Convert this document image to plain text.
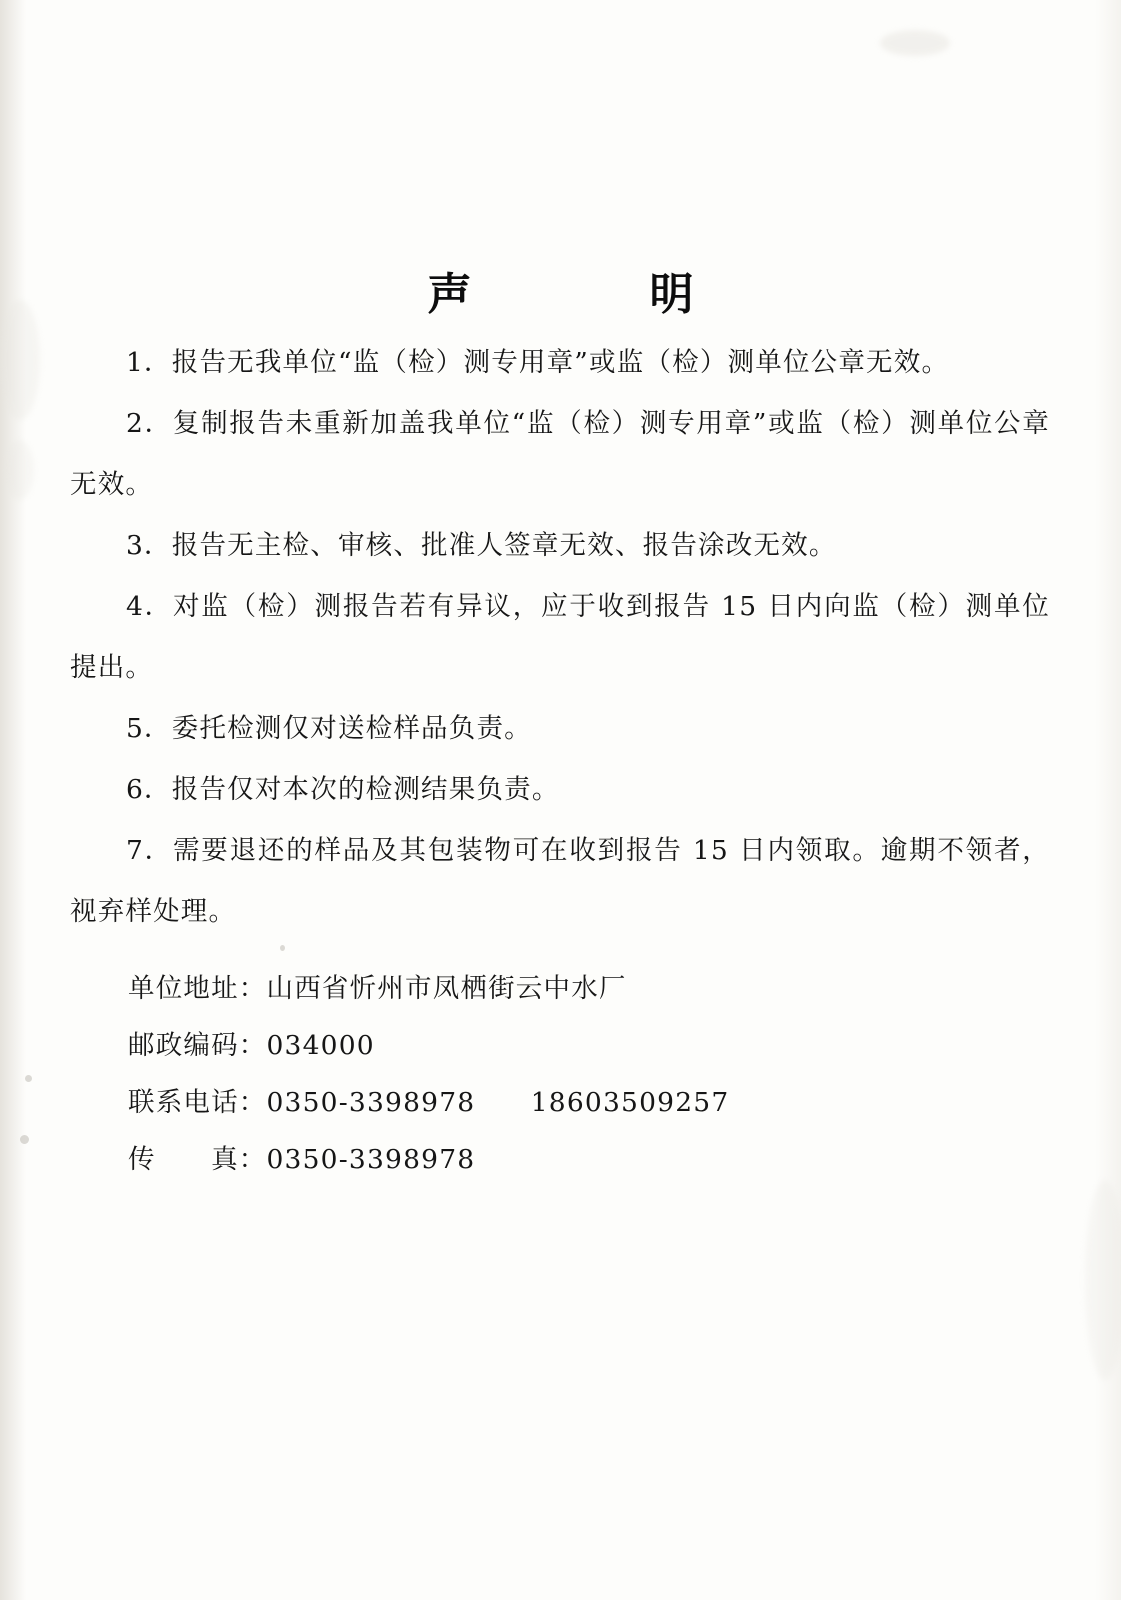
声　　明
1．报告无我单位“监（检）测专用章”或监（检）测单位公章无效。
2．复制报告未重新加盖我单位“监（检）测专用章”或监（检）测单位公章无效。
3．报告无主检、审核、批准人签章无效、报告涂改无效。
4．对监（检）测报告若有异议，应于收到报告 15 日内向监（检）测单位提出。
5．委托检测仅对送检样品负责。
6．报告仅对本次的检测结果负责。
7．需要退还的样品及其包装物可在收到报告 15 日内领取。逾期不领者，视弃样处理。
单位地址：山西省忻州市凤栖街云中水厂
邮政编码：034000
联系电话：0350-3398978　　18603509257
传　　真：0350-3398978
